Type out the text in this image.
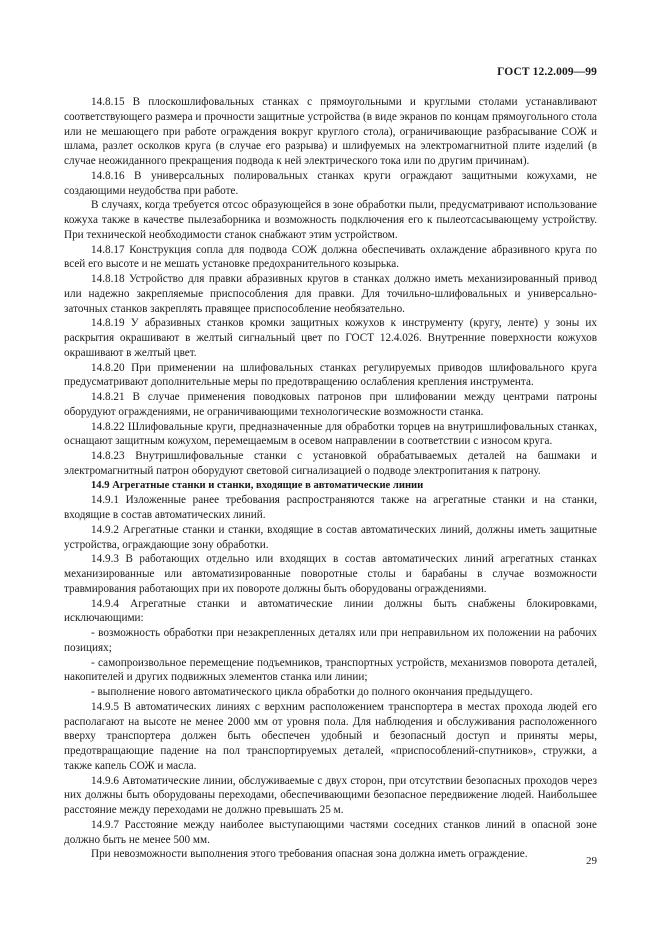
ГОСТ 12.2.009—99

14.8.15 В плоскошлифовальных станках с прямоугольными и круглыми столами устанавливают соответствующего размера и прочности защитные устройства (в виде экранов по концам прямоугольного стола или не мешающего при работе ограждения вокруг круглого стола), ограничивающие разбрасывание СОЖ и шлама, разлет осколков круга (в случае его разрыва) и шлифуемых на электромагнитной плите изделий (в случае неожиданного прекращения подвода к ней электрического тока или по другим причинам).

14.8.16 В универсальных полировальных станках круги ограждают защитными кожухами, не создающими неудобства при работе.

В случаях, когда требуется отсос образующейся в зоне обработки пыли, предусматривают использование кожуха также в качестве пылезаборника и возможность подключения его к пылеотсасывающему устройству. При технической необходимости станок снабжают этим устройством.

14.8.17 Конструкция сопла для подвода СОЖ должна обеспечивать охлаждение абразивного круга по всей его высоте и не мешать установке предохранительного козырька.

14.8.18 Устройство для правки абразивных кругов в станках должно иметь механизированный привод или надежно закрепляемые приспособления для правки. Для точильно-шлифовальных и универсально-заточных станков закреплять правящее приспособление необязательно.

14.8.19 У абразивных станков кромки защитных кожухов к инструменту (кругу, ленте) у зоны их раскрытия окрашивают в желтый сигнальный цвет по ГОСТ 12.4.026. Внутренние поверхности кожухов окрашивают в желтый цвет.

14.8.20 При применении на шлифовальных станках регулируемых приводов шлифовального круга предусматривают дополнительные меры по предотвращению ослабления крепления инструмента.

14.8.21 В случае применения поводковых патронов при шлифовании между центрами патроны оборудуют ограждениями, не ограничивающими технологические возможности станка.

14.8.22 Шлифовальные круги, предназначенные для обработки торцев на внутришлифовальных станках, оснащают защитным кожухом, перемещаемым в осевом направлении в соответствии с износом круга.

14.8.23 Внутришлифовальные станки с установкой обрабатываемых деталей на башмаки и электромагнитный патрон оборудуют световой сигнализацией о подводе электропитания к патрону.

14.9 Агрегатные станки и станки, входящие в автоматические линии

14.9.1 Изложенные ранее требования распространяются также на агрегатные станки и на станки, входящие в состав автоматических линий.

14.9.2 Агрегатные станки и станки, входящие в состав автоматических линий, должны иметь защитные устройства, ограждающие зону обработки.

14.9.3 В работающих отдельно или входящих в состав автоматических линий агрегатных станках механизированные или автоматизированные поворотные столы и барабаны в случае возможности травмирования работающих при их повороте должны быть оборудованы ограждениями.

14.9.4 Агрегатные станки и автоматические линии должны быть снабжены блокировками, исключающими:

- возможность обработки при незакрепленных деталях или при неправильном их положении на рабочих позициях;

- самопроизвольное перемещение подъемников, транспортных устройств, механизмов поворота деталей, накопителей и других подвижных элементов станка или линии;

- выполнение нового автоматического цикла обработки до полного окончания предыдущего.

14.9.5 В автоматических линиях с верхним расположением транспортера в местах прохода людей его располагают на высоте не менее 2000 мм от уровня пола. Для наблюдения и обслуживания расположенного вверху транспортера должен быть обеспечен удобный и безопасный доступ и приняты меры, предотвращающие падение на пол транспортируемых деталей, «приспособлений-спутников», стружки, а также капель СОЖ и масла.

14.9.6 Автоматические линии, обслуживаемые с двух сторон, при отсутствии безопасных проходов через них должны быть оборудованы переходами, обеспечивающими безопасное передвижение людей. Наибольшее расстояние между переходами не должно превышать 25 м.

14.9.7 Расстояние между наиболее выступающими частями соседних станков линий в опасной зоне должно быть не менее 500 мм.

При невозможности выполнения этого требования опасная зона должна иметь ограждение.

29
